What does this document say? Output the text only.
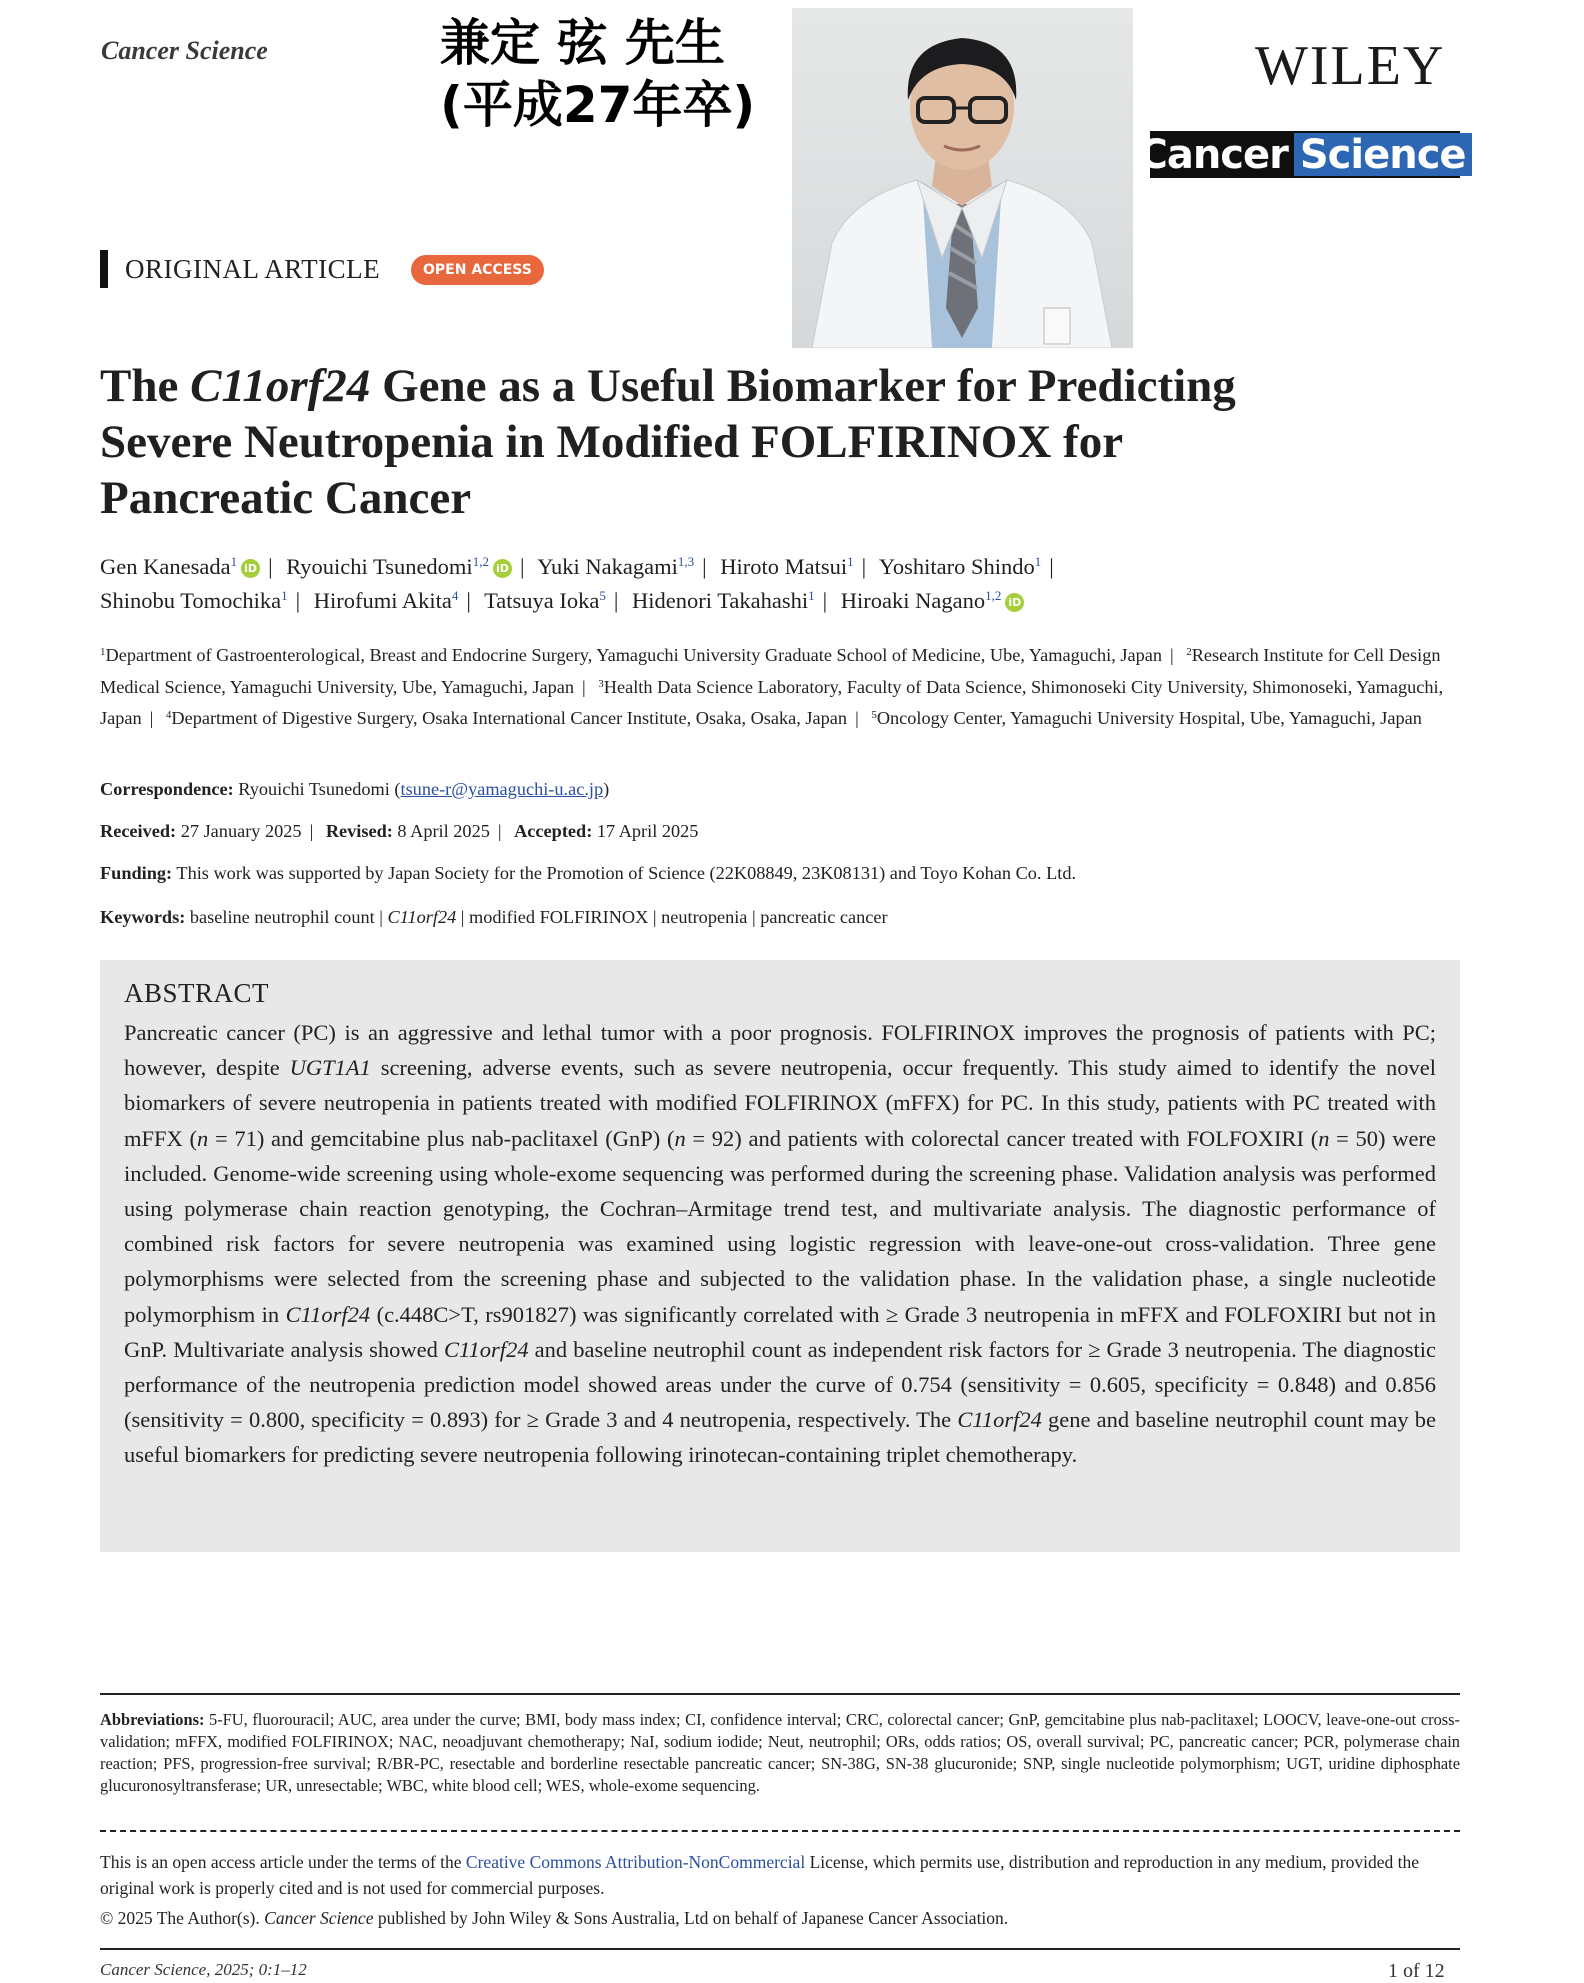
Cancer Science	兼定 弦 先生
(平成27年卒)
WILEY
Cancer Science
ORIGINAL ARTICLE	OPEN ACCESS
The C11orf24 Gene as a Useful Biomarker for Predicting
Severe Neutropenia in Modified FOLFIRINOX for
Pancreatic Cancer
Gen Kanesada$^1$ iD | Ryouichi Tsunedomi$^{1,2}$ iD | Yuki Nakagami$^{1,3}$ | Hiroto Matsui$^1$ | Yoshitaro Shindo$^1$ |
Shinobu Tomochika$^1$ | Hirofumi Akita$^4$ | Tatsuya Ioka$^5$ | Hidenori Takahashi$^1$ | Hiroaki Nagano$^{1,2}$ iD
$^1$Department of Gastroenterological, Breast and Endocrine Surgery, Yamaguchi University Graduate School of Medicine, Ube, Yamaguchi, Japan | $^2$Research Institute for Cell Design Medical Science, Yamaguchi University, Ube, Yamaguchi, Japan | $^3$Health Data Science Laboratory, Faculty of Data Science, Shimonoseki City University, Shimonoseki, Yamaguchi, Japan | $^4$Department of Digestive Surgery, Osaka International Cancer Institute, Osaka, Osaka, Japan | $^5$Oncology Center, Yamaguchi University Hospital, Ube, Yamaguchi, Japan
Correspondence: Ryouichi Tsunedomi (tsune-r@yamaguchi-u.ac.jp)
Received: 27 January 2025 | Revised: 8 April 2025 | Accepted: 17 April 2025
Funding: This work was supported by Japan Society for the Promotion of Science (22K08849, 23K08131) and Toyo Kohan Co. Ltd.
Keywords: baseline neutrophil count | C11orf24 | modified FOLFIRINOX | neutropenia | pancreatic cancer
ABSTRACT
Pancreatic cancer (PC) is an aggressive and lethal tumor with a poor prognosis. FOLFIRINOX improves the prognosis of patients with PC; however, despite UGT1A1 screening, adverse events, such as severe neutropenia, occur frequently. This study aimed to identify the novel biomarkers of severe neutropenia in patients treated with modified FOLFIRINOX (mFFX) for PC. In this study, patients with PC treated with mFFX (n = 71) and gemcitabine plus nab-paclitaxel (GnP) (n = 92) and patients with colorectal cancer treated with FOLFOXIRI (n = 50) were included. Genome-wide screening using whole-exome sequencing was performed during the screening phase. Validation analysis was performed using polymerase chain reaction genotyping, the Cochran–Armitage trend test, and multivariate analysis. The diagnostic performance of combined risk factors for severe neutropenia was examined using logistic regression with leave-one-out cross-validation. Three gene polymorphisms were selected from the screening phase and subjected to the validation phase. In the validation phase, a single nucleotide polymorphism in C11orf24 (c.448C>T, rs901827) was significantly correlated with ≥ Grade 3 neutropenia in mFFX and FOLFOXIRI but not in GnP. Multivariate analysis showed C11orf24 and baseline neutrophil count as independent risk factors for ≥ Grade 3 neutropenia. The diagnostic performance of the neutropenia prediction model showed areas under the curve of 0.754 (sensitivity = 0.605, specificity = 0.848) and 0.856 (sensitivity = 0.800, specificity = 0.893) for ≥ Grade 3 and 4 neutropenia, respectively. The C11orf24 gene and baseline neutrophil count may be useful biomarkers for predicting severe neutropenia following irinotecan-containing triplet chemotherapy.
Abbreviations: 5-FU, fluorouracil; AUC, area under the curve; BMI, body mass index; CI, confidence interval; CRC, colorectal cancer; GnP, gemcitabine plus nab-paclitaxel; LOOCV, leave-one-out cross-validation; mFFX, modified FOLFIRINOX; NAC, neoadjuvant chemotherapy; NaI, sodium iodide; Neut, neutrophil; ORs, odds ratios; OS, overall survival; PC, pancreatic cancer; PCR, polymerase chain reaction; PFS, progression-free survival; R/BR-PC, resectable and borderline resectable pancreatic cancer; SN-38G, SN-38 glucuronide; SNP, single nucleotide polymorphism; UGT, uridine diphosphate glucuronosyltransferase; UR, unresectable; WBC, white blood cell; WES, whole-exome sequencing.
This is an open access article under the terms of the Creative Commons Attribution-NonCommercial License, which permits use, distribution and reproduction in any medium, provided the original work is properly cited and is not used for commercial purposes.
© 2025 The Author(s). Cancer Science published by John Wiley & Sons Australia, Ltd on behalf of Japanese Cancer Association.
Cancer Science, 2025; 0:1–12	1 of 12
